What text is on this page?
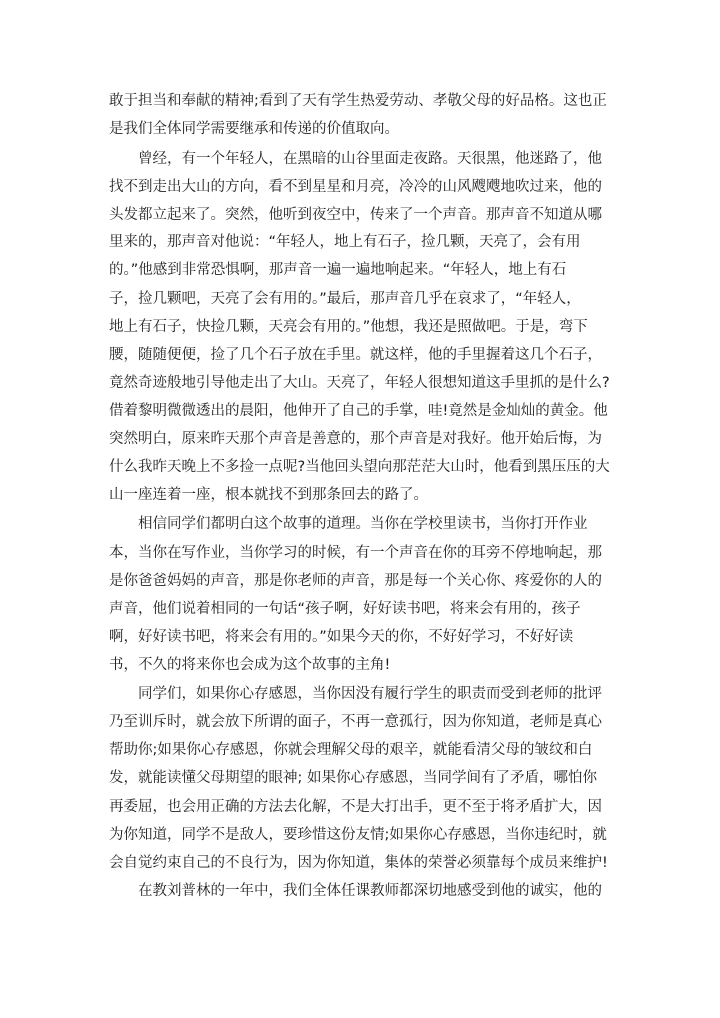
敢于担当和奉献的精神;看到了天有学生热爱劳动、孝敬父母的好品格。这也正
是我们全体同学需要继承和传递的价值取向。
　　曾经，有一个年轻人，在黑暗的山谷里面走夜路。天很黑，他迷路了，他
找不到走出大山的方向，看不到星星和月亮，冷冷的山风飕飕地吹过来，他的
头发都立起来了。突然，他听到夜空中，传来了一个声音。那声音不知道从哪
里来的，那声音对他说：“年轻人，地上有石子，捡几颗，天亮了，会有用
的。”他感到非常恐惧啊，那声音一遍一遍地响起来。“年轻人，地上有石
子，捡几颗吧，天亮了会有用的。”最后，那声音几乎在哀求了，“年轻人，
地上有石子，快捡几颗，天亮会有用的。”他想，我还是照做吧。于是，弯下
腰，随随便便，捡了几个石子放在手里。就这样，他的手里握着这几个石子，
竟然奇迹般地引导他走出了大山。天亮了，年轻人很想知道这手里抓的是什么?
借着黎明微微透出的晨阳，他伸开了自己的手掌，哇!竟然是金灿灿的黄金。他
突然明白，原来昨天那个声音是善意的，那个声音是对我好。他开始后悔，为
什么我昨天晚上不多捡一点呢?当他回头望向那茫茫大山时，他看到黑压压的大
山一座连着一座，根本就找不到那条回去的路了。
　　相信同学们都明白这个故事的道理。当你在学校里读书，当你打开作业
本，当你在写作业，当你学习的时候，有一个声音在你的耳旁不停地响起，那
是你爸爸妈妈的声音，那是你老师的声音，那是每一个关心你、疼爱你的人的
声音，他们说着相同的一句话“孩子啊，好好读书吧，将来会有用的，孩子
啊，好好读书吧，将来会有用的。”如果今天的你，不好好学习，不好好读
书，不久的将来你也会成为这个故事的主角!
　　同学们，如果你心存感恩，当你因没有履行学生的职责而受到老师的批评
乃至训斥时，就会放下所谓的面子，不再一意孤行，因为你知道，老师是真心
帮助你;如果你心存感恩，你就会理解父母的艰辛，就能看清父母的皱纹和白
发，就能读懂父母期望的眼神; 如果你心存感恩，当同学间有了矛盾，哪怕你
再委屈，也会用正确的方法去化解，不是大打出手，更不至于将矛盾扩大，因
为你知道，同学不是敌人，要珍惜这份友情;如果你心存感恩，当你违纪时，就
会自觉约束自己的不良行为，因为你知道，集体的荣誉必须靠每个成员来维护!
　　在教刘普林的一年中，我们全体任课教师都深切地感受到他的诚实，他的
